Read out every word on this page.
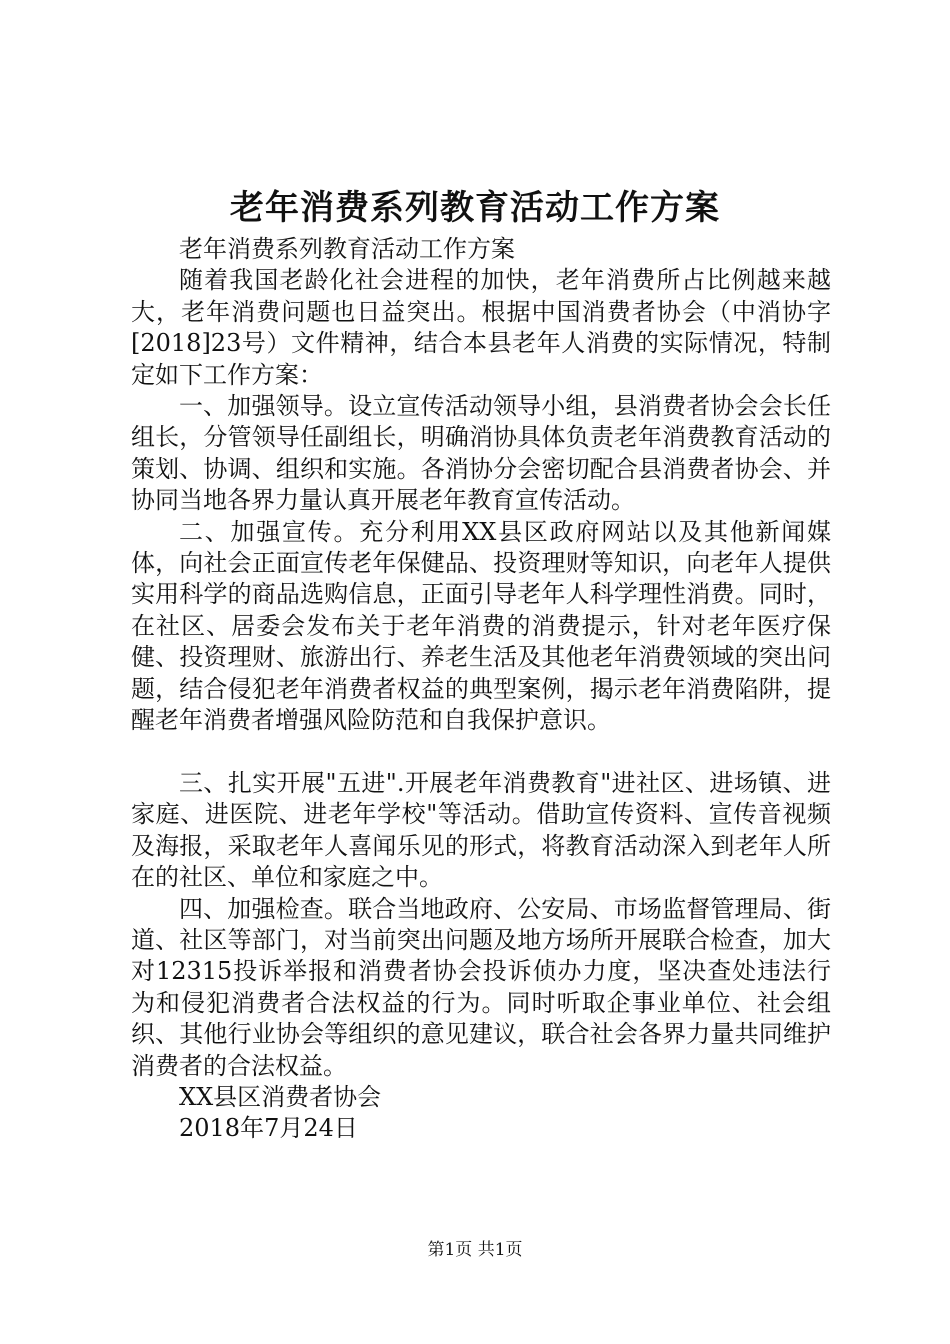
老年消费系列教育活动工作方案

老年消费系列教育活动工作方案

随着我国老龄化社会进程的加快，老年消费所占比例越来越大，老年消费问题也日益突出。根据中国消费者协会（中消协字[2018]23号）文件精神，结合本县老年人消费的实际情况，特制定如下工作方案：

一、加强领导。设立宣传活动领导小组，县消费者协会会长任组长，分管领导任副组长，明确消协具体负责老年消费教育活动的策划、协调、组织和实施。各消协分会密切配合县消费者协会、并协同当地各界力量认真开展老年教育宣传活动。

二、加强宣传。充分利用XX县区政府网站以及其他新闻媒体，向社会正面宣传老年保健品、投资理财等知识，向老年人提供实用科学的商品选购信息，正面引导老年人科学理性消费。同时，在社区、居委会发布关于老年消费的消费提示，针对老年医疗保健、投资理财、旅游出行、养老生活及其他老年消费领域的突出问题，结合侵犯老年消费者权益的典型案例，揭示老年消费陷阱，提醒老年消费者增强风险防范和自我保护意识。

三、扎实开展"五进".开展老年消费教育"进社区、进场镇、进家庭、进医院、进老年学校"等活动。借助宣传资料、宣传音视频及海报，采取老年人喜闻乐见的形式，将教育活动深入到老年人所在的社区、单位和家庭之中。

四、加强检查。联合当地政府、公安局、市场监督管理局、街道、社区等部门，对当前突出问题及地方场所开展联合检查，加大对12315投诉举报和消费者协会投诉侦办力度，坚决查处违法行为和侵犯消费者合法权益的行为。同时听取企事业单位、社会组织、其他行业协会等组织的意见建议，联合社会各界力量共同维护消费者的合法权益。

XX县区消费者协会

2018年7月24日

第1页 共1页
